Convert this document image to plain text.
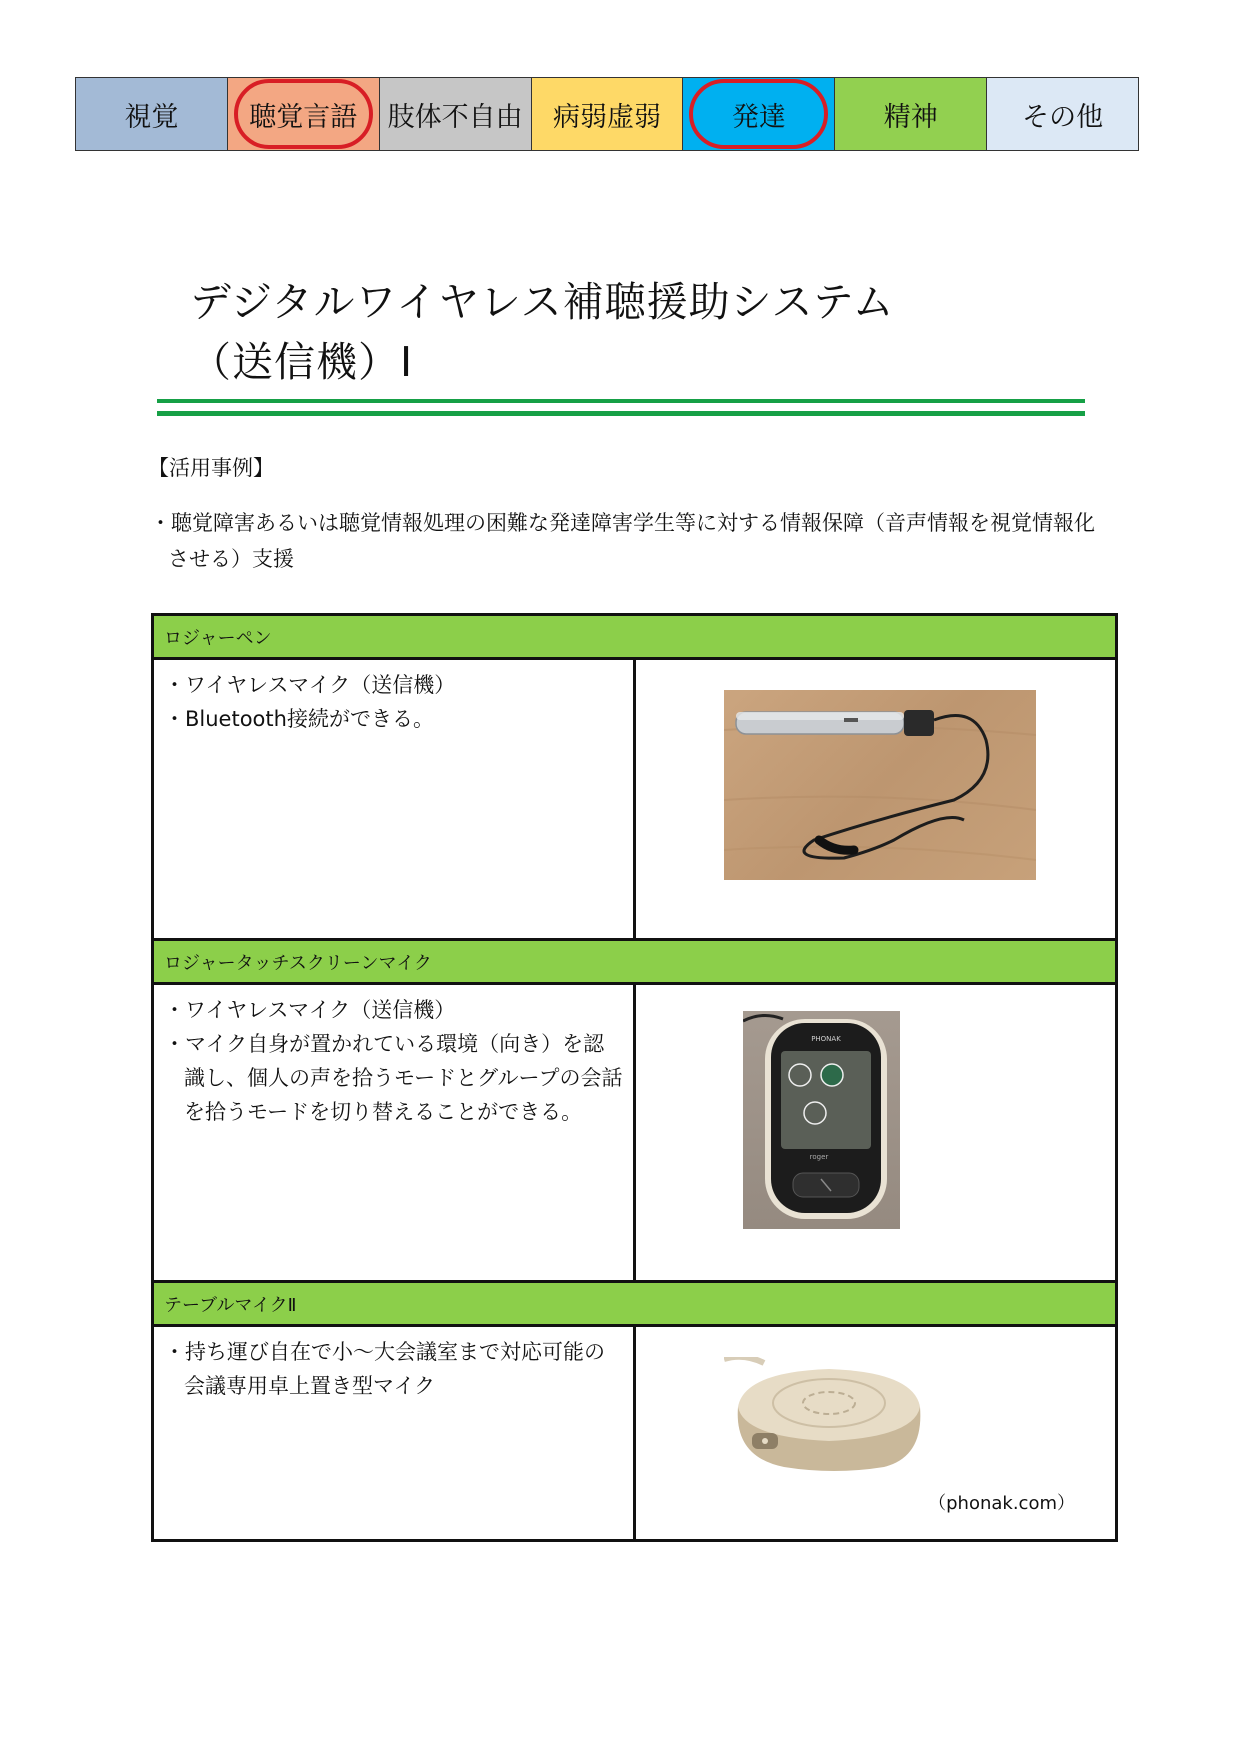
視覚	聴覚言語 肢体不自由 病弱虚弱	発達	精神	その他
デジタルワイヤレス補聴援助システム
（送信機）Ⅰ
【活用事例】
・聴覚障害あるいは聴覚情報処理の困難な発達障害学生等に対する情報保障（音声情報を視覚情報化させる）支援
ロジャーペン
・ワイヤレスマイク（送信機）
・Bluetooth接続ができる。
ロジャータッチスクリーンマイク
・ワイヤレスマイク（送信機）
・マイク自身が置かれている環境（向き）を認識し、個人の声を拾うモードとグループの会話を拾うモードを切り替えることができる。
PHONAK
roger
テーブルマイクⅡ
・持ち運び自在で小～大会議室まで対応可能の会議専用卓上置き型マイク
（phonak.com）
